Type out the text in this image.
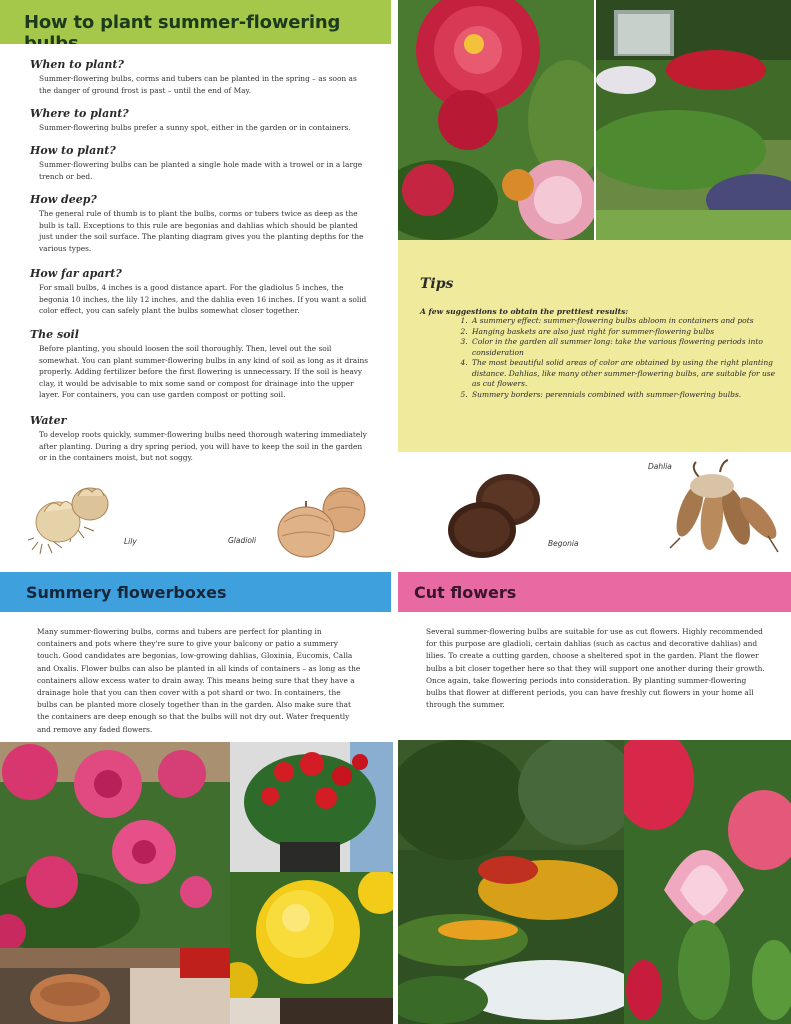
How to plant summer-flowering
When to plant?

Summer-flowering bulbs, corms and tubers can be planted in the spring – as soon as the danger of ground frost is past – until the end of May.

Where to plant?

Summer-flowering bulbs prefer a sunny spot, either in the garden or in containers.

How to plant?

Summer-flowering bulbs can be planted a single hole made with a trowel or in a large trench or bed.

How deep?

The general rule of thumb is to plant the bulbs, corms or tubers twice as deep as the bulb is tall. Exceptions to this rule are begonias and dahlias which should be planted just under the soil surface. The planting diagram gives you the planting depths for the various types.

How far apart?

For small bulbs, 4 inches is a good distance apart. For the gladiolus 5 inches, the begonia 10 inches, the lily 12 inches, and the dahlia even 16 inches. If you want a solid color effect, you can safely plant the bulbs somewhat closer together.

The soil

Before planting, you should loosen the soil thoroughly. Then, level out the soil somewhat. You can plant summer-flowering bulbs in any kind of soil as long as it drains properly. Adding fertilizer before the first flowering is unnecessary. If the soil is heavy clay, it would be advisable to mix some sand or compost for drainage into the upper layer. For containers, you can use garden compost or potting soil.

Water

To develop roots quickly, summer-flowering bulbs need thorough watering immediately after planting. During a dry spring period, you will have to keep the soil in the garden or in the containers moist, but not soggy.

Lily	Gladioli
Tips

A few suggestions to obtain the prettiest results:

1. A summery effect: summer-flowering bulbs abloom in containers and pots
2. Hanging baskets are also just right for summer-flowering bulbs
3. Color in the garden all summer long: take the various flowering periods into consideration
4. The most beautiful solid areas of color are obtained by using the right planting distance. Dahlias, like many other summer-flowering bulbs, are suitable for use as cut flowers.
5. Summery borders: perennials combined with summer-flowering bulbs.
Begonia
Dahlia
Summery flowerboxes	Cut flowers

Many summer-flowering bulbs, corms and tubers are perfect for planting in containers and pots where they're sure to give your balcony or patio a summery touch. Good candidates are begonias, low-growing dahlias, Gloxinia, Eucomis, Calla and Oxalis. Flower bulbs can also be planted in all kinds of containers – as long as the containers allow excess water to drain away. This means being sure that they have a drainage hole that you can then cover with a pot shard or two. In containers, the bulbs can be planted more closely together than in the garden. Also make sure that the containers are deep enough so that the bulbs will not dry out. Water frequently and remove any faded flowers.

Several summer-flowering bulbs are suitable for use as cut flowers. Highly recommended for this purpose are gladioli, certain dahlias (such as cactus and decorative dahlias) and lilies. To create a cutting garden, choose a sheltered spot in the garden. Plant the flower bulbs a bit closer together here so that they will support one another during their growth. Once again, take flowering periods into consideration. By planting summer-flowering bulbs that flower at different periods, you can have freshly cut flowers in your home all through the summer.
